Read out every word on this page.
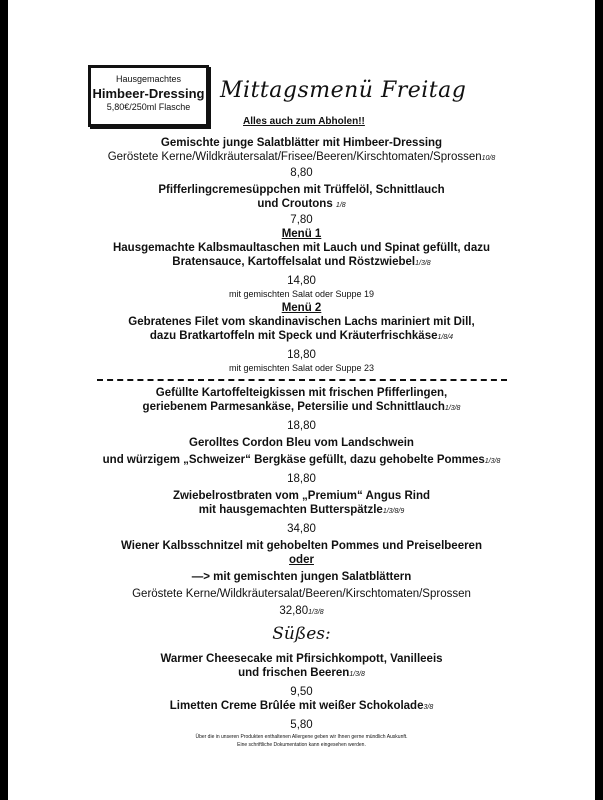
Hausgemachtes
Himbeer-Dressing
5,80€/250ml Flasche
Mittagsmenü Freitag
Alles auch zum Abholen!!
Gemischte junge Salatblätter mit Himbeer-Dressing
Geröstete Kerne/Wildkräutersalat/Frisee/Beeren/Kirschtomaten/Sprossen10/8
8,80
Pfifferlingcremesüppchen mit Trüffelöl, Schnittlauch
und Croutons 1/8
7,80
Menü 1
Hausgemachte Kalbsmaultaschen mit Lauch und Spinat gefüllt, dazu
Bratensauce, Kartoffelsalat und Röstzwiebel1/3/8
14,80
mit gemischten Salat oder Suppe 19
Menü 2
Gebratenes Filet vom skandinavischen Lachs mariniert mit Dill,
dazu Bratkartoffeln mit Speck und Kräuterfrischkäse1/8/4
18,80
mit gemischten Salat oder Suppe 23
Gefüllte Kartoffelteigkissen mit frischen Pfifferlingen,
geriebenem Parmesankäse, Petersilie und Schnittlauch1/3/8
18,80
Gerolltes Cordon Bleu vom Landschwein
und würzigem „Schweizer“ Bergkäse gefüllt, dazu gehobelte Pommes1/3/8
18,80
Zwiebelrostbraten vom „Premium“ Angus Rind
mit hausgemachten Butterspätzle1/3/8/9
34,80
Wiener Kalbsschnitzel mit gehobelten Pommes und Preiselbeeren
oder
—> mit gemischten jungen Salatblättern
Geröstete Kerne/Wildkräutersalat/Beeren/Kirschtomaten/Sprossen
32,801/3/8
Süßes:
Warmer Cheesecake mit Pfirsichkompott, Vanilleeis
und frischen Beeren1/3/8
9,50
Limetten Creme Brûlée mit weißer Schokolade3/8
5,80
Über die in unseren Produkten enthaltenen Allergene geben wir Ihnen gerne mündlich Auskunft.
Eine schriftliche Dokumentation kann eingesehen werden.
